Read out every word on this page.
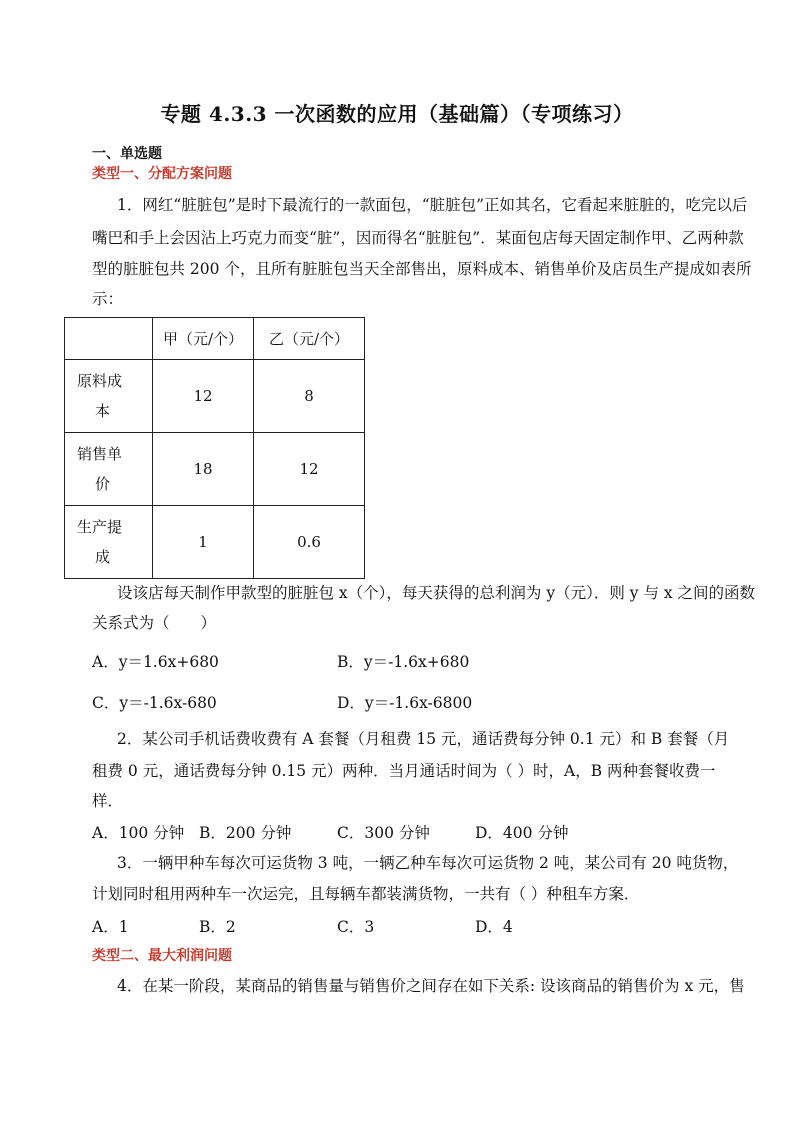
专题 4.3.3 一次函数的应用（基础篇）（专项练习）
一、单选题
类型一、分配方案问题
1．网红“脏脏包”是时下最流行的一款面包，“脏脏包”正如其名，它看起来脏脏的，吃完以后
嘴巴和手上会因沾上巧克力而变“脏”，因而得名“脏脏包”．某面包店每天固定制作甲、乙两种款
型的脏脏包共 200 个，且所有脏脏包当天全部售出，原料成本、销售单价及店员生产提成如表所
示：
	甲（元/个）	乙（元/个）

原料成
本	12	8

销售单
价	18	12

生产提
成	1	0.6
设该店每天制作甲款型的脏脏包 x（个），每天获得的总利润为 y（元）．则 y 与 x 之间的函数
关系式为（　　）
A．y＝1.6x+680	B．y＝-1.6x+680
C．y＝-1.6x-680	D．y＝-1.6x-6800
2．某公司手机话费收费有 A 套餐（月租费 15 元，通话费每分钟 0.1 元）和 B 套餐（月
租费 0 元，通话费每分钟 0.15 元）两种．当月通话时间为（ ）时，A，B 两种套餐收费一
样．
A．100 分钟 B．200 分钟	C．300 分钟	D．400 分钟
3．一辆甲种车每次可运货物 3 吨，一辆乙种车每次可运货物 2 吨，某公司有 20 吨货物，
计划同时租用两种车一次运完，且每辆车都装满货物，一共有（ ）种租车方案．
A．1	B．2	C．3	D．4
类型二、最大利润问题
4．在某一阶段，某商品的销售量与销售价之间存在如下关系: 设该商品的销售价为 x 元，售
